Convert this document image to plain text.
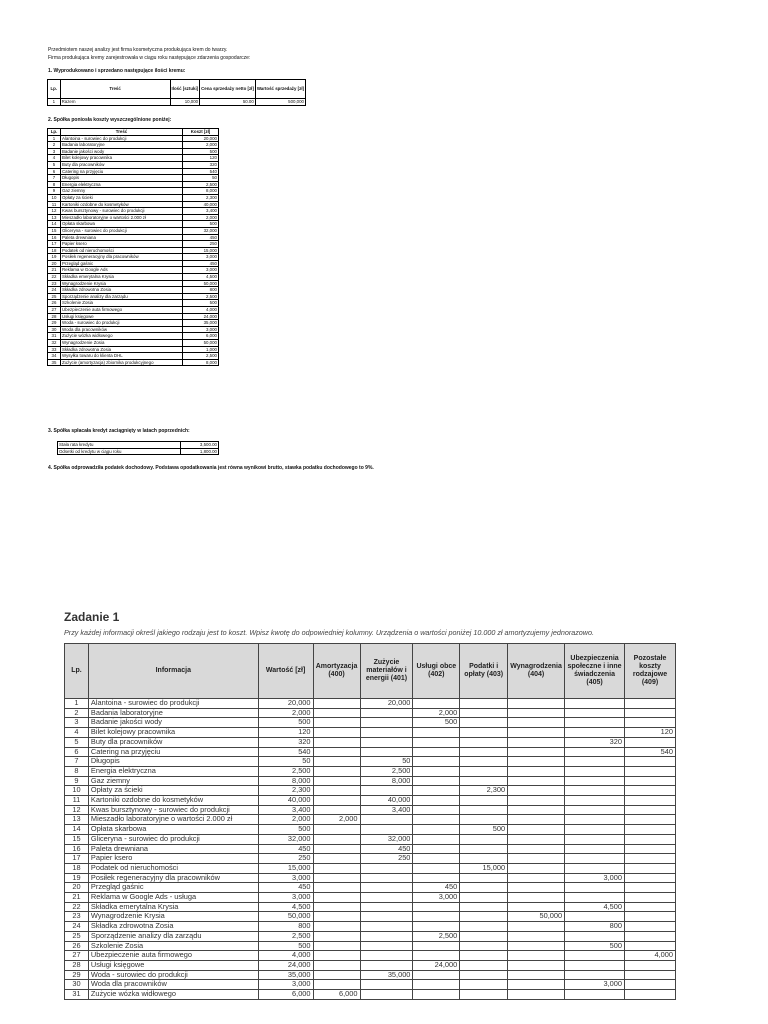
Przedmiotem naszej analizy jest firma kosmetyczna produkująca krem do twarzy.
Firma produkująca kremy zarejestrowała w ciągu roku następujące zdarzenia gospodarcze:
1. Wyprodukowano i sprzedano następujące ilości kremu:
Lp.	Treść	Ilość [sztuki]	Cena sprzedaży netto [zł]	Wartość sprzedaży [zł]
1	Razem	10,000	50.00	500,000
2. Spółka poniosła koszty wyszczególnione poniżej:
Lp.	Treść	Koszt [zł]
1	Alantoina - surowiec do produkcji	20,000
2	Badania laboratoryjne	2,000
3	Badanie jakości wody	500
4	Bilet kolejowy pracownika	120
5	Buty dla pracowników	320
6	Catering na przyjęciu	540
7	Długopis	50
8	Energia elektryczna	2,500
9	Gaz ziemny	8,000
10	Opłaty za ścieki	2,300
11	Kartoniki ozdobne do kosmetyków	40,000
12	Kwas bursztynowy - surowiec do produkcji	3,400
13	Mieszadło laboratoryjne o wartości 2.000 zł	2,000
14	Opłata skarbowa	500
15	Gliceryna - surowiec do produkcji	32,000
16	Paleta drewniana	450
17	Papier ksero	250
18	Podatek od nieruchomości	15,000
19	Posiłek regeneracyjny dla pracowników	3,000
20	Przegląd gaśnic	450
21	Reklama w Google Ads	3,000
22	Składka emerytalna Krysia	4,500
23	Wynagrodzenie Krysia	50,000
24	Składka zdrowotna Zosia	800
25	Sporządzenie analizy dla zarządu	2,500
26	Szkolenie Zosia	500
27	Ubezpieczenie auta firmowego	4,000
28	Usługi księgowe	24,000
29	Woda - surowiec do produkcji	35,000
30	Woda dla pracowników	3,000
31	Zużycie wózka widłowego	6,000
32	Wynagrodzenie Zosia	50,000
33	Składka zdrowotna Zosia	1,000
34	Wysyłka towaru do klienta DHL	2,500
35	Zużycie (amortyzacja) zbiornika produkcyjnego	8,000
3. Spółka spłacała kredyt zaciągnięty w latach poprzednich:
Stała rata kredytu	3,500.00
Odsetki od kredytu w ciągu roku	1,800.00
4. Spółka odprowadziła podatek dochodowy. Podstawa opodatkowania jest równa wynikowi brutto, stawka podatku dochodowego to 9%.
Zadanie 1
Przy każdej informacji określ jakiego rodzaju jest to koszt. Wpisz kwotę do odpowiedniej kolumny. Urządzenia o wartości poniżej 10.000 zł amortyzujemy jednorazowo.
Lp.	Informacja	Wartość [zł]	Amortyzacja (400)	Zużycie materiałów i energii (401)	Usługi obce (402)	Podatki i opłaty (403)	Wynagrodzenia (404)	Ubezpieczenia społeczne i inne świadczenia (405)	Pozostałe koszty rodzajowe (409)
1	Alantoina - surowiec do produkcji	20,000		20,000					
2	Badania laboratoryjne	2,000			2,000				
3	Badanie jakości wody	500			500				
4	Bilet kolejowy pracownika	120							120
5	Buty dla pracowników	320						320	
6	Catering na przyjęciu	540							540
7	Długopis	50		50					
8	Energia elektryczna	2,500		2,500					
9	Gaz ziemny	8,000		8,000					
10	Opłaty za ścieki	2,300				2,300			
11	Kartoniki ozdobne do kosmetyków	40,000		40,000					
12	Kwas bursztynowy - surowiec do produkcji	3,400		3,400					
13	Mieszadło laboratoryjne o wartości 2.000 zł	2,000	2,000						
14	Opłata skarbowa	500				500			
15	Gliceryna - surowiec do produkcji	32,000		32,000					
16	Paleta drewniana	450		450					
17	Papier ksero	250		250					
18	Podatek od nieruchomości	15,000				15,000			
19	Posiłek regeneracyjny dla pracowników	3,000						3,000	
20	Przegląd gaśnic	450			450				
21	Reklama w Google Ads - usługa	3,000			3,000				
22	Składka emerytalna Krysia	4,500						4,500	
23	Wynagrodzenie Krysia	50,000					50,000		
24	Składka zdrowotna Zosia	800						800	
25	Sporządzenie analizy dla zarządu	2,500			2,500				
26	Szkolenie Zosia	500						500	
27	Ubezpieczenie auta firmowego	4,000							4,000
28	Usługi księgowe	24,000			24,000				
29	Woda - surowiec do produkcji	35,000		35,000					
30	Woda dla pracowników	3,000						3,000	
31	Zużycie wózka widłowego	6,000	6,000						
